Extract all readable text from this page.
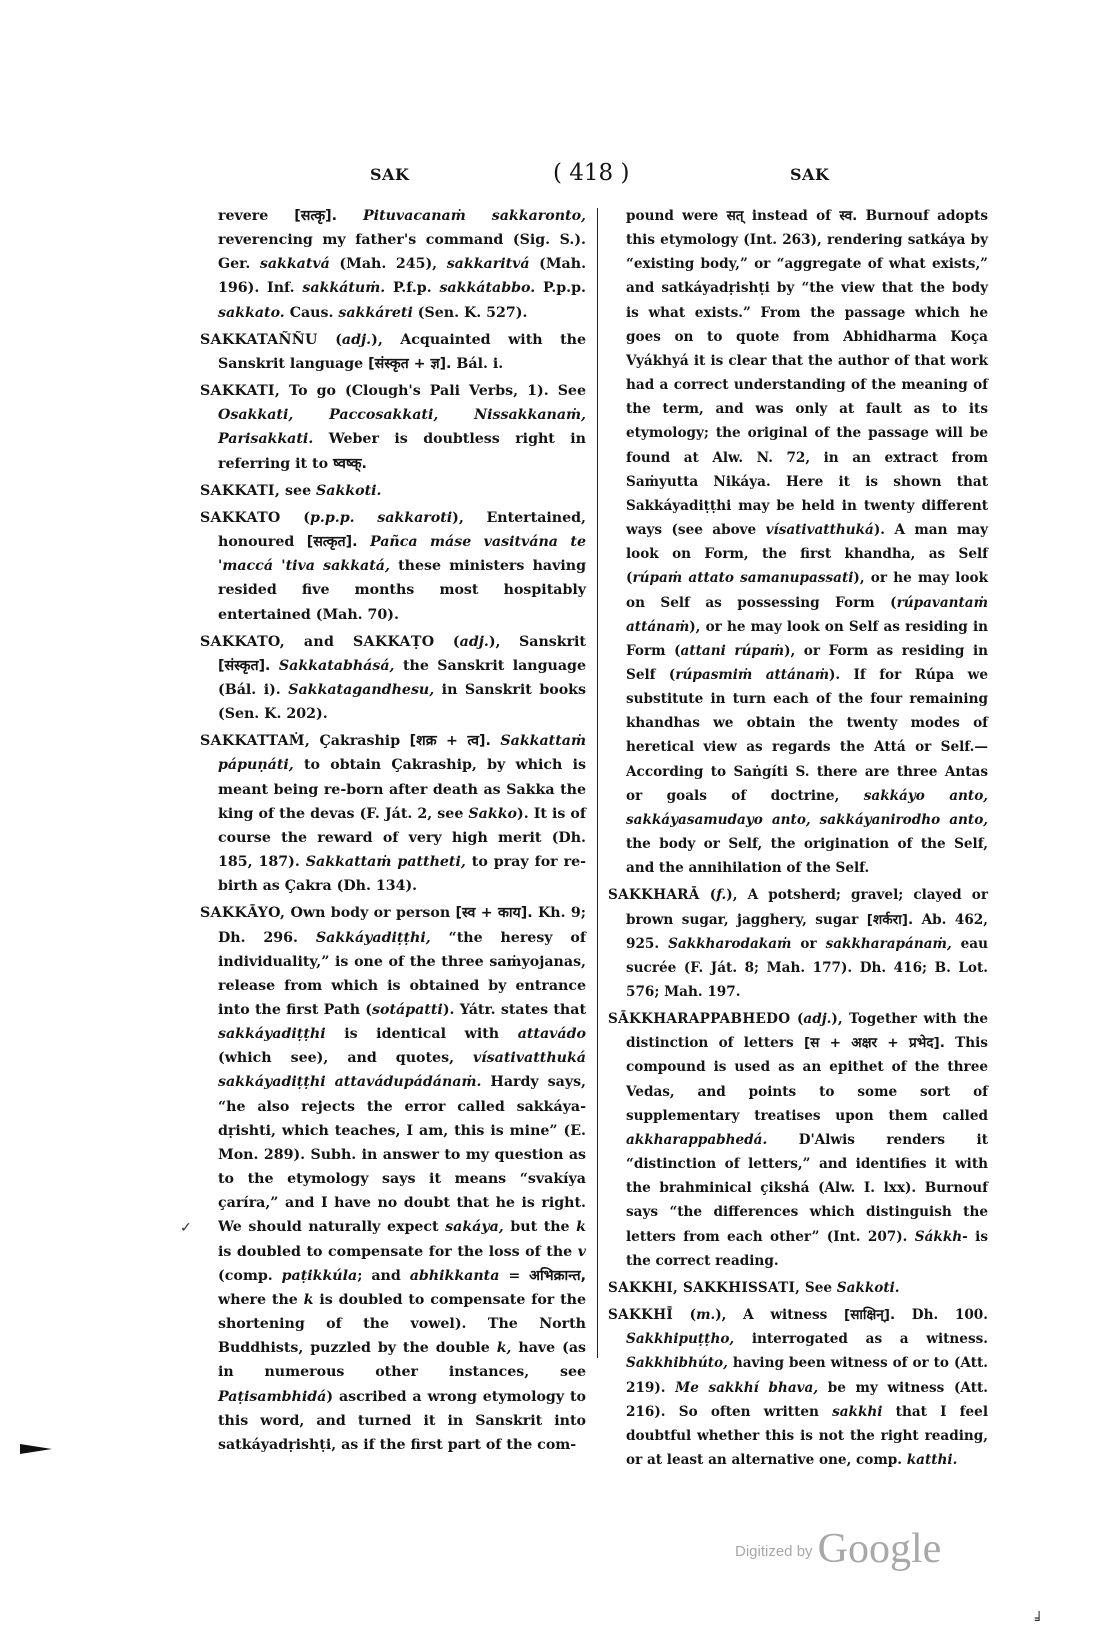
SAK	( 418 )	SAK

revere [सत्कृ]. Pituvacanaṁ sakkaronto, reverencing my father's command (Sig. S.). Ger. sakkatvá (Mah. 245), sakkaritvá (Mah. 196). Inf. sakkátuṁ. P.f.p. sakkátabbo. P.p.p. sakkato. Caus. sakkáreti (Sen. K. 527).

SAKKATAÑÑU (adj.), Acquainted with the Sanskrit language [संस्कृत + ज्ञ]. Bál. i.

SAKKATI, To go (Clough's Pali Verbs, 1). See Osakkati, Paccosakkati, Nissakkanaṁ, Parisakkati. Weber is doubtless right in referring it to ष्वष्क्.

SAKKATI, see Sakkoti.

SAKKATO (p.p.p. sakkaroti), Entertained, honoured [सत्कृत]. Pañca máse vasitvána te 'maccá 'tiva sakkatá, these ministers having resided five months most hospitably entertained (Mah. 70).

SAKKATO, and SAKKAṬO (adj.), Sanskrit [संस्कृत]. Sakkatabhásá, the Sanskrit language (Bál. i). Sakkatagandhesu, in Sanskrit books (Sen. K. 202).

SAKKATTAṀ, Çakraship [शक्र + त्व]. Sakkattaṁ pápuṇáti, to obtain Çakraship, by which is meant being re-born after death as Sakka the king of the devas (F. Ját. 2, see Sakko). It is of course the reward of very high merit (Dh. 185, 187). Sakkattaṁ pattheti, to pray for re-birth as Çakra (Dh. 134).

SAKKĀYO, Own body or person [स्व + काय]. Kh. 9; Dh. 296. Sakkáyadiṭṭhi, “the heresy of individuality,” is one of the three saṁyojanas, release from which is obtained by entrance into the first Path (sotápatti). Yátr. states that sakkáyadiṭṭhi is identical with attavádo (which see), and quotes, vísativatthuká sakkáyadiṭṭhi attavádupádánaṁ. Hardy says, “he also rejects the error called sakkáya-dṛishti, which teaches, I am, this is mine” (E. Mon. 289). Subh. in answer to my question as to the etymology says it means “svakíya çaríra,” and I have no doubt that he is right. We should naturally expect sakáya, but the k is doubled to compensate for the loss of the v (comp. paṭikkúla; and abhikkanta = अभिक्रान्त, where the k is doubled to compensate for the shortening of the vowel). The North Buddhists, puzzled by the double k, have (as in numerous other instances, see Paṭisambhidá) ascribed a wrong etymology to this word, and turned it in Sanskrit into satkáyadṛishṭi, as if the first part of the com-

pound were सत् instead of स्व. Burnouf adopts this etymology (Int. 263), rendering satkáya by “existing body,” or “aggregate of what exists,” and satkáyadṛishṭi by “the view that the body is what exists.” From the passage which he goes on to quote from Abhidharma Koça Vyákhyá it is clear that the author of that work had a correct understanding of the meaning of the term, and was only at fault as to its etymology; the original of the passage will be found at Alw. N. 72, in an extract from Saṁyutta Nikáya. Here it is shown that Sakkáyadiṭṭhi may be held in twenty different ways (see above vísativatthuká). A man may look on Form, the first khandha, as Self (rúpaṁ attato samanupassati), or he may look on Self as possessing Form (rúpavantaṁ attánaṁ), or he may look on Self as residing in Form (attani rúpaṁ), or Form as residing in Self (rúpasmiṁ attánaṁ). If for Rúpa we substitute in turn each of the four remaining khandhas we obtain the twenty modes of heretical view as regards the Attá or Self.—According to Saṅgíti S. there are three Antas or goals of doctrine, sakkáyo anto, sakkáyasamudayo anto, sakkáyanirodho anto, the body or Self, the origination of the Self, and the annihilation of the Self.

SAKKHARĀ (f.), A potsherd; gravel; clayed or brown sugar, jagghery, sugar [शर्करा]. Ab. 462, 925. Sakkharodakaṁ or sakkharapánaṁ, eau sucrée (F. Ját. 8; Mah. 177). Dh. 416; B. Lot. 576; Mah. 197.

SĀKKHARAPPABHEDO (adj.), Together with the distinction of letters [स + अक्षर + प्रभेद]. This compound is used as an epithet of the three Vedas, and points to some sort of supplementary treatises upon them called akkharappabhedá. D'Alwis renders it “distinction of letters,” and identifies it with the brahminical çikshá (Alw. I. lxx). Burnouf says “the differences which distinguish the letters from each other” (Int. 207). Sákkh- is the correct reading.

SAKKHI, SAKKHISSATI, See Sakkoti.

SAKKHĪ (m.), A witness [साक्षिन्]. Dh. 100. Sakkhipuṭṭho, interrogated as a witness. Sakkhibhúto, having been witness of or to (Att. 219). Me sakkhí bhava, be my witness (Att. 216). So often written sakkhi that I feel doubtful whether this is not the right reading, or at least an alternative one, comp. katthi.

✓
╛
Digitized by Google
